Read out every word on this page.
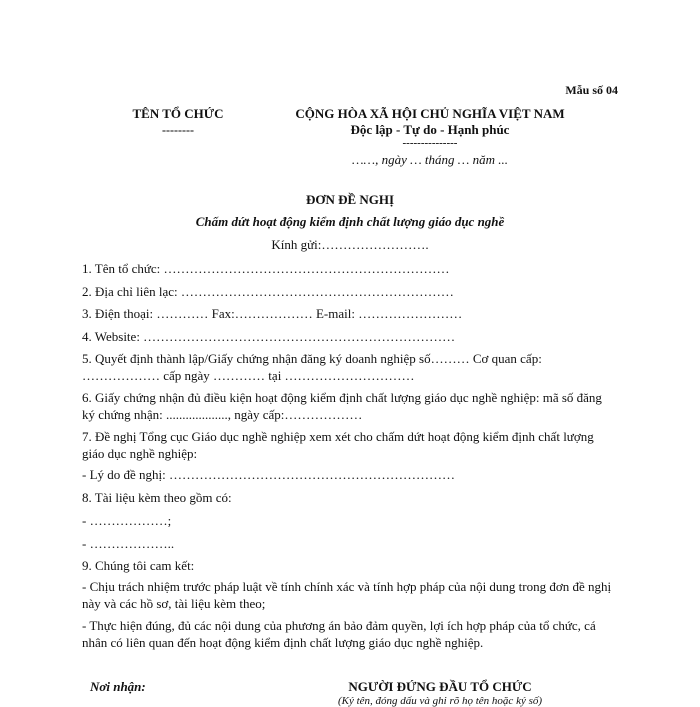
Mẫu số 04
TÊN TỔ CHỨC
--------
CỘNG HÒA XÃ HỘI CHỦ NGHĨA VIỆT NAM
Độc lập - Tự do - Hạnh phúc
---------------
……, ngày … tháng … năm ...
ĐƠN ĐỀ NGHỊ
Chấm dứt hoạt động kiểm định chất lượng giáo dục nghề
Kính gửi:…………………….
1. Tên tổ chức: …………………………………………………………
2. Địa chỉ liên lạc: ………………………………………………………
3. Điện thoại: ………… Fax:……………… E-mail: ……………………
4. Website: ………………………………………………………………
5. Quyết định thành lập/Giấy chứng nhận đăng ký doanh nghiệp số……… Cơ quan cấp: ……………… cấp ngày ………… tại …………………………
6. Giấy chứng nhận đủ điều kiện hoạt động kiểm định chất lượng giáo dục nghề nghiệp: mã số đăng ký chứng nhận: ..................., ngày cấp:………………
7. Đề nghị Tổng cục Giáo dục nghề nghiệp xem xét cho chấm dứt hoạt động kiểm định chất lượng giáo dục nghề nghiệp:
- Lý do đề nghị: …………………………………………………………
8. Tài liệu kèm theo gồm có:
- ………………;
- ………………..
9. Chúng tôi cam kết:
- Chịu trách nhiệm trước pháp luật về tính chính xác và tính hợp pháp của nội dung trong đơn đề nghị này và các hồ sơ, tài liệu kèm theo;
- Thực hiện đúng, đủ các nội dung của phương án bảo đảm quyền, lợi ích hợp pháp của tổ chức, cá nhân có liên quan đến hoạt động kiểm định chất lượng giáo dục nghề nghiệp.
Nơi nhận:	NGƯỜI ĐỨNG ĐẦU TỔ CHỨC
(Ký tên, đóng dấu và ghi rõ họ tên hoặc ký số)
